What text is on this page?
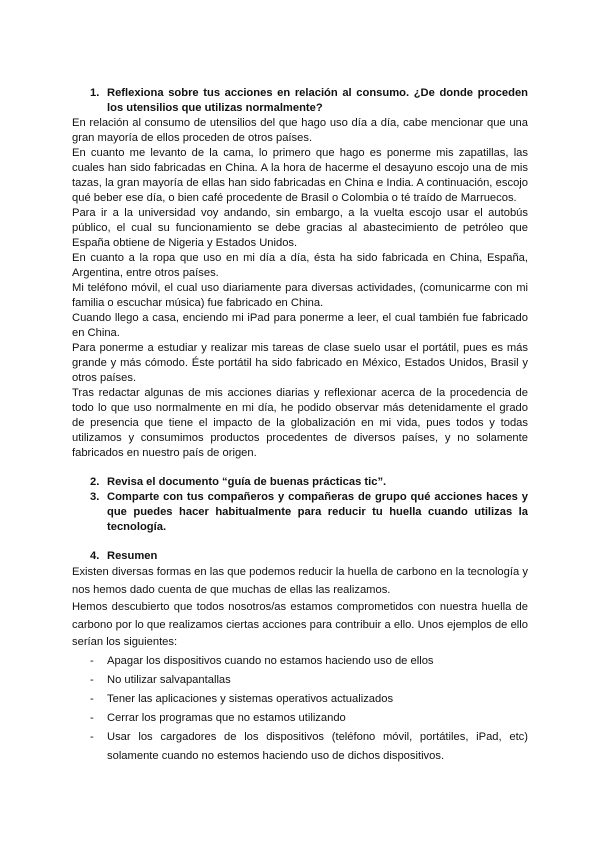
1. Reflexiona sobre tus acciones en relación al consumo. ¿De donde proceden los utensilios que utilizas normalmente?

En relación al consumo de utensilios del que hago uso día a día, cabe mencionar que una gran mayoría de ellos proceden de otros países.

En cuanto me levanto de la cama, lo primero que hago es ponerme mis zapatillas, las cuales han sido fabricadas en China. A la hora de hacerme el desayuno escojo una de mis tazas, la gran mayoría de ellas han sido fabricadas en China e India. A continuación, escojo qué beber ese día, o bien café procedente de Brasil o Colombia o té traído de Marruecos.

Para ir a la universidad voy andando, sin embargo, a la vuelta escojo usar el autobús público, el cual su funcionamiento se debe gracias al abastecimiento de petróleo que España obtiene de Nigeria y Estados Unidos.

En cuanto a la ropa que uso en mi día a día, ésta ha sido fabricada en China, España, Argentina, entre otros países.

Mi teléfono móvil, el cual uso diariamente para diversas actividades, (comunicarme con mi familia o escuchar música) fue fabricado en China.

Cuando llego a casa, enciendo mi iPad para ponerme a leer, el cual también fue fabricado en China.

Para ponerme a estudiar y realizar mis tareas de clase suelo usar el portátil, pues es más grande y más cómodo. Éste portátil ha sido fabricado en México, Estados Unidos, Brasil y otros países.

Tras redactar algunas de mis acciones diarias y reflexionar acerca de la procedencia de todo lo que uso normalmente en mi día, he podido observar más detenidamente el grado de presencia que tiene el impacto de la globalización en mi vida, pues todos y todas utilizamos y consumimos productos procedentes de diversos países, y no solamente fabricados en nuestro país de origen.

2. Revisa el documento “guía de buenas prácticas tic”.
3. Comparte con tus compañeros y compañeras de grupo qué acciones haces y que puedes hacer habitualmente para reducir tu huella cuando utilizas la tecnología.
4. Resumen

Existen diversas formas en las que podemos reducir la huella de carbono en la tecnología y nos hemos dado cuenta de que muchas de ellas las realizamos.

Hemos descubierto que todos nosotros/as estamos comprometidos con nuestra huella de carbono por lo que realizamos ciertas acciones para contribuir a ello. Unos ejemplos de ello serían los siguientes:

- Apagar los dispositivos cuando no estamos haciendo uso de ellos
- No utilizar salvapantallas
- Tener las aplicaciones y sistemas operativos actualizados
- Cerrar los programas que no estamos utilizando
- Usar los cargadores de los dispositivos (teléfono móvil, portátiles, iPad, etc) solamente cuando no estemos haciendo uso de dichos dispositivos.
